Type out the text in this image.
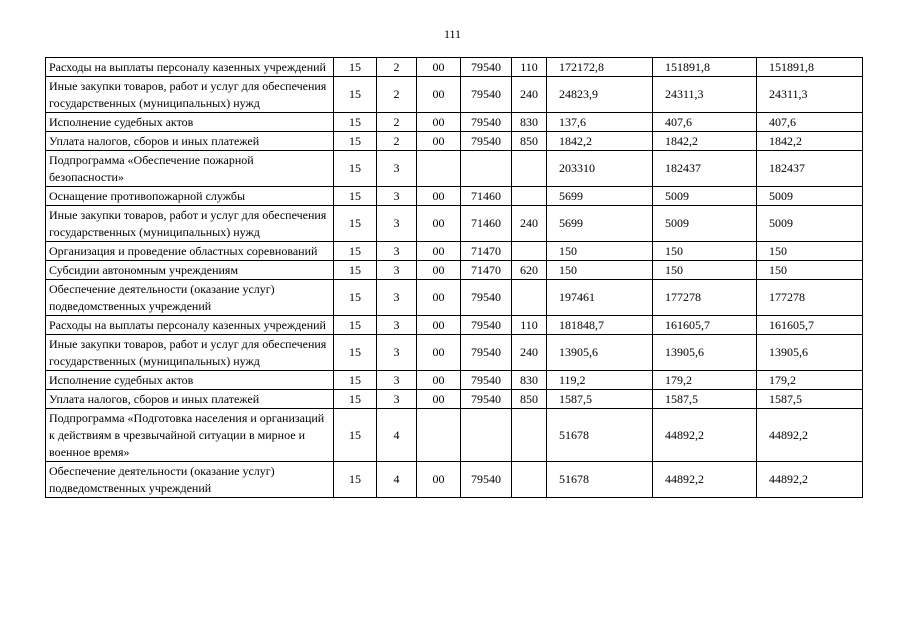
111
Расходы на выплаты персоналу казенных учреждений	15	2	00	79540	110	172172,8	151891,8	151891,8
Иные закупки товаров, работ и услуг для обеспечения государственных (муниципальных) нужд	15	2	00	79540	240	24823,9	24311,3	24311,3
Исполнение судебных актов	15	2	00	79540	830	137,6	407,6	407,6
Уплата налогов, сборов и иных платежей	15	2	00	79540	850	1842,2	1842,2	1842,2
Подпрограмма «Обеспечение пожарной безопасности»	15	3				203310	182437	182437
Оснащение противопожарной службы	15	3	00	71460		5699	5009	5009
Иные закупки товаров, работ и услуг для обеспечения государственных (муниципальных) нужд	15	3	00	71460	240	5699	5009	5009
Организация и проведение областных соревнований	15	3	00	71470		150	150	150
Субсидии автономным учреждениям	15	3	00	71470	620	150	150	150
Обеспечение деятельности (оказание услуг) подведомственных учреждений	15	3	00	79540		197461	177278	177278
Расходы на выплаты персоналу казенных учреждений	15	3	00	79540	110	181848,7	161605,7	161605,7
Иные закупки товаров, работ и услуг для обеспечения государственных (муниципальных) нужд	15	3	00	79540	240	13905,6	13905,6	13905,6
Исполнение судебных актов	15	3	00	79540	830	119,2	179,2	179,2
Уплата налогов, сборов и иных платежей	15	3	00	79540	850	1587,5	1587,5	1587,5
Подпрограмма «Подготовка населения и организаций к действиям в чрезвычайной ситуации в мирное и военное время»	15	4				51678	44892,2	44892,2
Обеспечение деятельности (оказание услуг) подведомственных учреждений	15	4	00	79540		51678	44892,2	44892,2
